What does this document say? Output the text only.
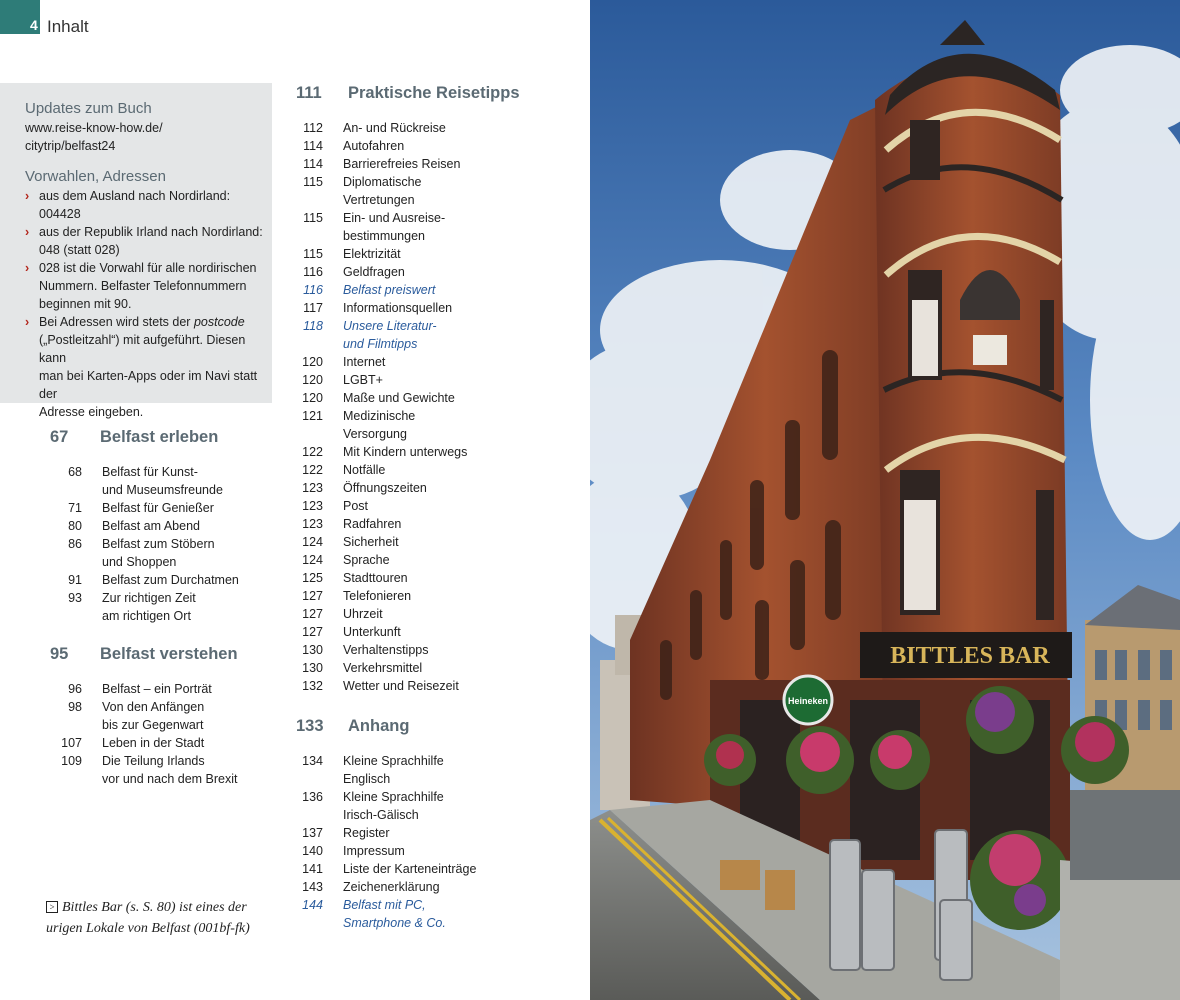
4 Inhalt
Updates zum Buch
www.reise-know-how.de/
citytrip/belfast24
Vorwahlen, Adressen
› aus dem Ausland nach Nordirland:
004428
› aus der Republik Irland nach Nordirland:
048 (statt 028)
› 028 ist die Vorwahl für alle nordirischen
Nummern. Belfaster Telefonnummern
beginnen mit 90.
› Bei Adressen wird stets der postcode
(„Postleitzahl“) mit aufgeführt. Diesen kann
man bei Karten-Apps oder im Navi statt der
Adresse eingeben.
67 Belfast erleben
68 Belfast für Kunst-
und Museumsfreunde
71 Belfast für Genießer
80 Belfast am Abend
86 Belfast zum Stöbern
und Shoppen
91 Belfast zum Durchatmen
93 Zur richtigen Zeit
am richtigen Ort
95 Belfast verstehen
96 Belfast – ein Porträt
98 Von den Anfängen
bis zur Gegenwart
107 Leben in der Stadt
109 Die Teilung Irlands
vor und nach dem Brexit
111 Praktische Reisetipps
112 An- und Rückreise
114 Autofahren
114 Barrierefreies Reisen
115 Diplomatische
Vertretungen
115 Ein- und Ausreise-
bestimmungen
115 Elektrizität
116 Geldfragen
116 Belfast preiswert
117 Informationsquellen
118 Unsere Literatur-
und Filmtipps
120 Internet
120 LGBT+
120 Maße und Gewichte
121 Medizinische
Versorgung
122 Mit Kindern unterwegs
122 Notfälle
123 Öffnungszeiten
123 Post
123 Radfahren
124 Sicherheit
124 Sprache
125 Stadttouren
127 Telefonieren
127 Uhrzeit
127 Unterkunft
130 Verhaltenstipps
130 Verkehrsmittel
132 Wetter und Reisezeit
133 Anhang
134 Kleine Sprachhilfe
Englisch
136 Kleine Sprachhilfe
Irisch-Gälisch
137 Register
140 Impressum
141 Liste der Karteneinträge
143 Zeichenerklärung
144 Belfast mit PC,
Smartphone & Co.
> Bittles Bar (s. S. 80) ist eines der
urigen Lokale von Belfast (001bf-fk)
BITTLES BAR
Heineken
